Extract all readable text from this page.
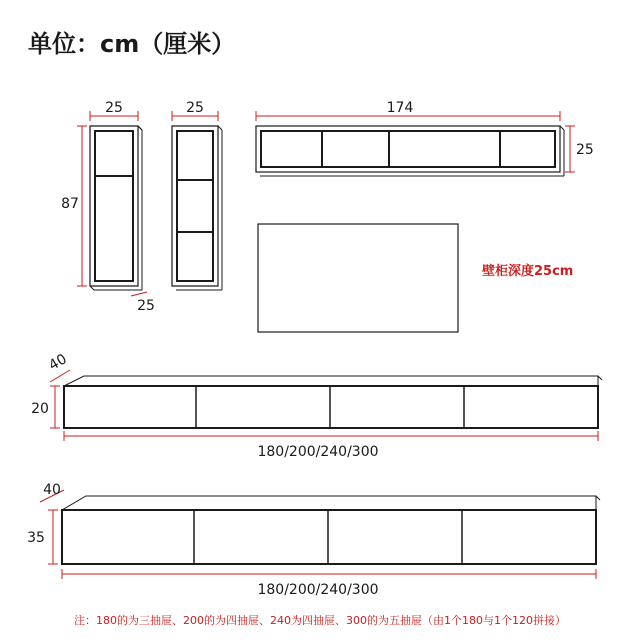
单位：cm（厘米）
25
87
25
25	174
25
壁柜深度25cm
40
20
180/200/240/300
40
35
180/200/240/300
注：180的为三抽屉、200的为四抽屉、240为四抽屉、300的为五抽屉（由1个180与1个120拼接）
